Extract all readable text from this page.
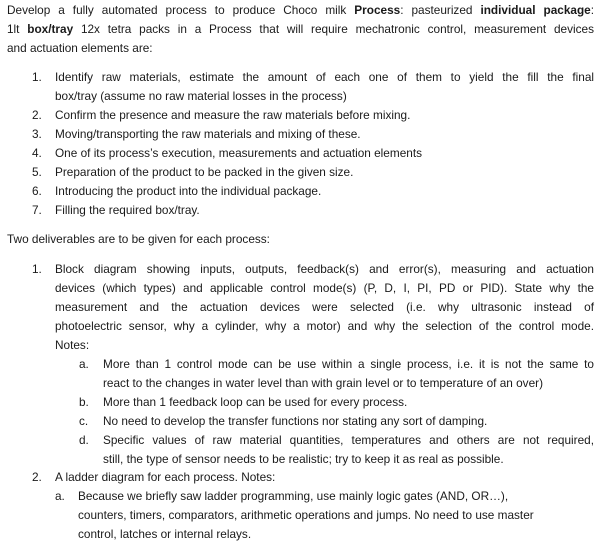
Develop a fully automated process to produce Choco milk Process: pasteurized individual package:
1lt box/tray 12x tetra packs in a Process that will require mechatronic control, measurement devices
and actuation elements are:
1. Identify raw materials, estimate the amount of each one of them to yield the fill the final
box/tray (assume no raw material losses in the process)
2. Confirm the presence and measure the raw materials before mixing.
3. Moving/transporting the raw materials and mixing of these.
4. One of its process’s execution, measurements and actuation elements
5. Preparation of the product to be packed in the given size.
6. Introducing the product into the individual package.
7. Filling the required box/tray.
Two deliverables are to be given for each process:
1. Block diagram showing inputs, outputs, feedback(s) and error(s), measuring and actuation
devices (which types) and applicable control mode(s) (P, D, I, PI, PD or PID). State why the
measurement and the actuation devices were selected (i.e. why ultrasonic instead of
photoelectric sensor, why a cylinder, why a motor) and why the selection of the control mode.
Notes:
a. More than 1 control mode can be use within a single process, i.e. it is not the same to
react to the changes in water level than with grain level or to temperature of an over)
b. More than 1 feedback loop can be used for every process.
c. No need to develop the transfer functions nor stating any sort of damping.
d. Specific values of raw material quantities, temperatures and others are not required,
still, the type of sensor needs to be realistic; try to keep it as real as possible.
2. A ladder diagram for each process. Notes:
a. Because we briefly saw ladder programming, use mainly logic gates (AND, OR…),
counters, timers, comparators, arithmetic operations and jumps. No need to use master
control, latches or internal relays.
